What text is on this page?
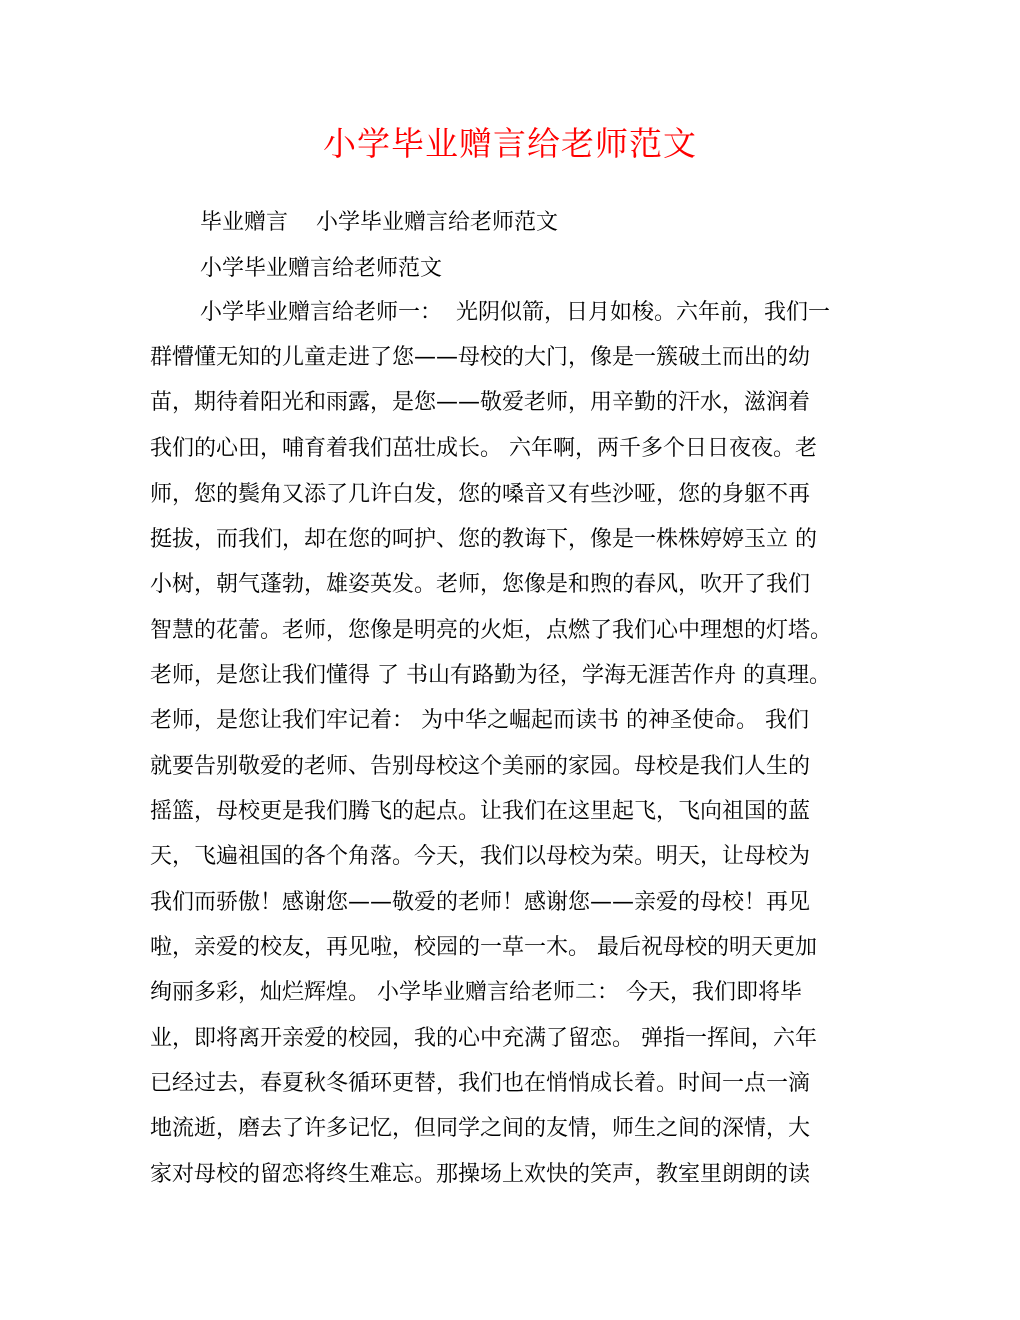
小学毕业赠言给老师范文
毕业赠言    小学毕业赠言给老师范文
小学毕业赠言给老师范文
小学毕业赠言给老师一：  光阴似箭，日月如梭。六年前，我们一
群懵懂无知的儿童走进了您——母校的大门，像是一簇破土而出的幼
苗，期待着阳光和雨露，是您——敬爱老师，用辛勤的汗水，滋润着
我们的心田，哺育着我们茁壮成长。 六年啊，两千多个日日夜夜。老
师，您的鬓角又添了几许白发，您的嗓音又有些沙哑，您的身躯不再
挺拔，而我们，却在您的呵护、您的教诲下，像是一株株婷婷玉立 的
小树，朝气蓬勃，雄姿英发。老师，您像是和煦的春风，吹开了我们
智慧的花蕾。老师，您像是明亮的火炬，点燃了我们心中理想的灯塔。
老师，是您让我们懂得 了 书山有路勤为径，学海无涯苦作舟 的真理。
老师，是您让我们牢记着： 为中华之崛起而读书 的神圣使命。 我们
就要告别敬爱的老师、告别母校这个美丽的家园。母校是我们人生的
摇篮，母校更是我们腾飞的起点。让我们在这里起飞，飞向祖国的蓝
天，飞遍祖国的各个角落。今天，我们以母校为荣。明天，让母校为
我们而骄傲！感谢您——敬爱的老师！感谢您——亲爱的母校！再见
啦，亲爱的校友，再见啦，校园的一草一木。 最后祝母校的明天更加
绚丽多彩，灿烂辉煌。 小学毕业赠言给老师二： 今天，我们即将毕
业，即将离开亲爱的校园，我的心中充满了留恋。 弹指一挥间，六年
已经过去，春夏秋冬循环更替，我们也在悄悄成长着。时间一点一滴
地流逝，磨去了许多记忆，但同学之间的友情，师生之间的深情，大
家对母校的留恋将终生难忘。那操场上欢快的笑声，教室里朗朗的读
